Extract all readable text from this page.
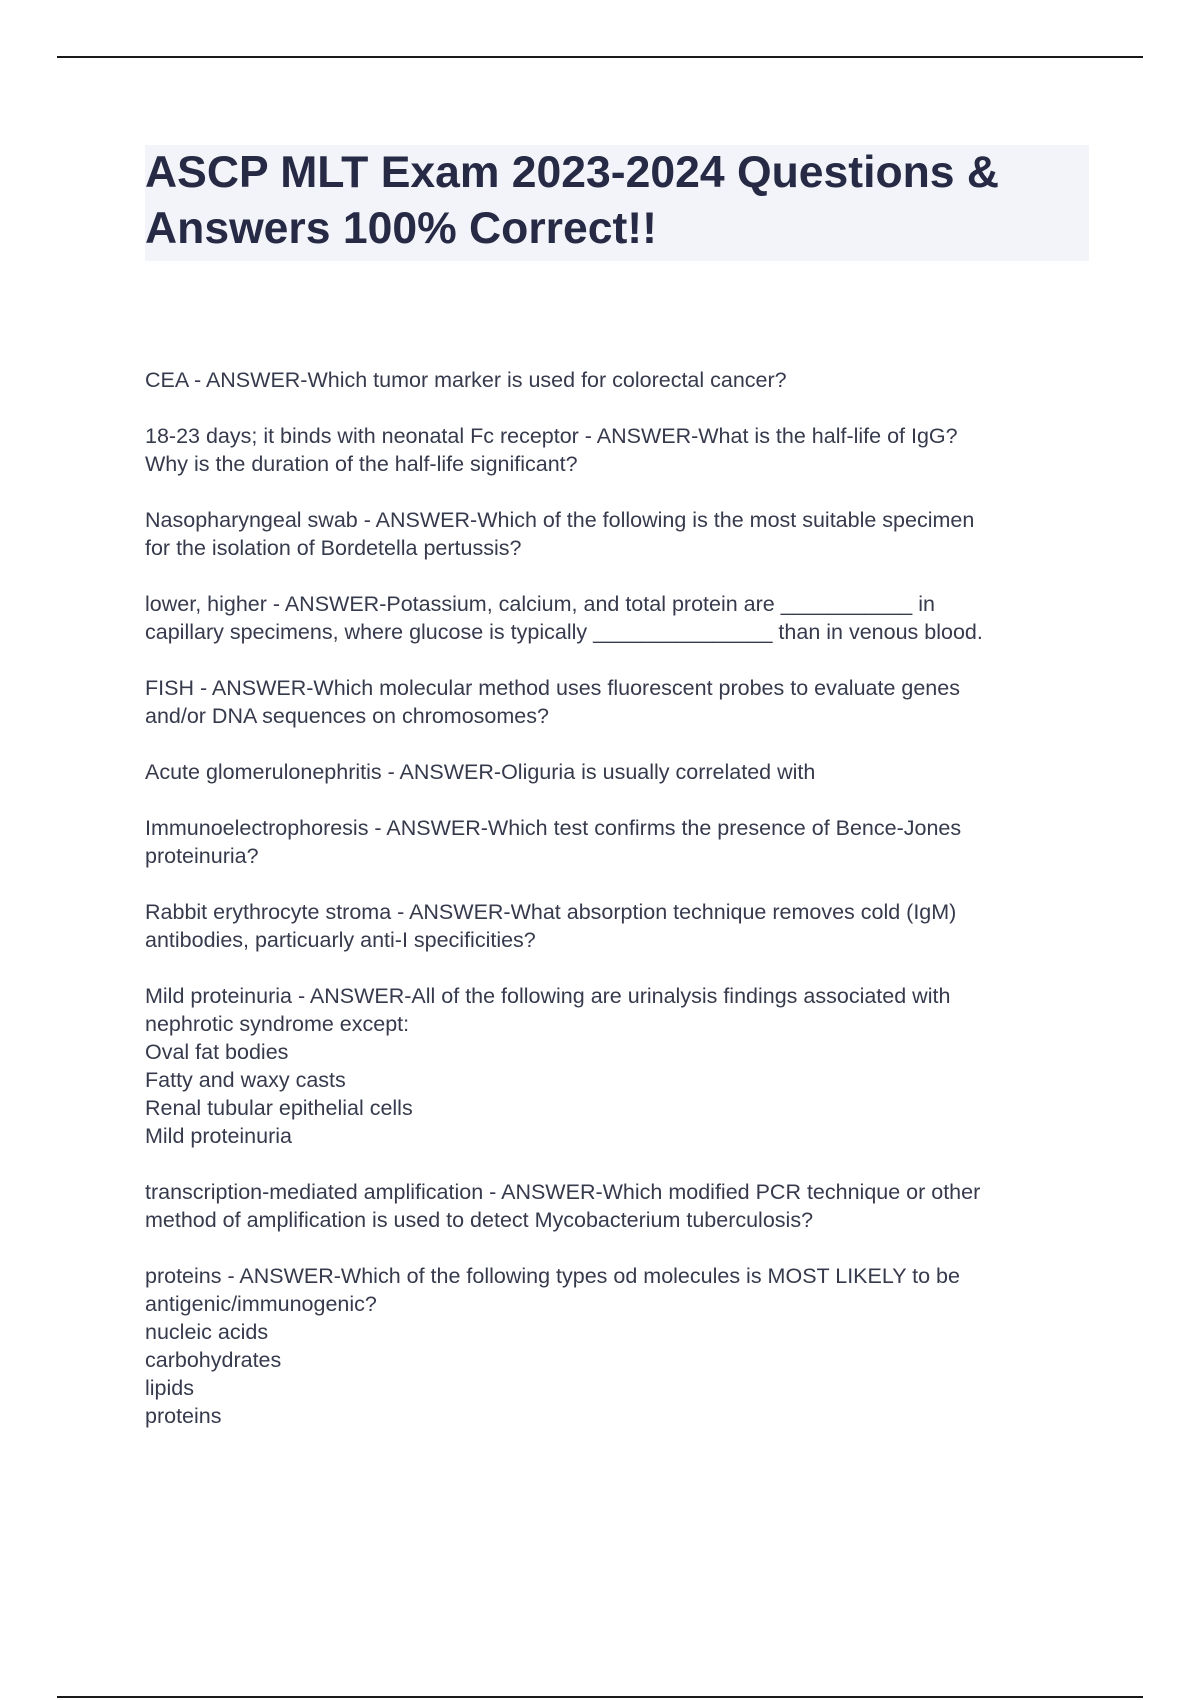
ASCP MLT Exam 2023-2024 Questions &
Answers 100% Correct!!

CEA - ANSWER-Which tumor marker is used for colorectal cancer?

18-23 days; it binds with neonatal Fc receptor - ANSWER-What is the half-life of IgG?
Why is the duration of the half-life significant?

Nasopharyngeal swab - ANSWER-Which of the following is the most suitable specimen
for the isolation of Bordetella pertussis?

lower, higher - ANSWER-Potassium, calcium, and total protein are ___________ in
capillary specimens, where glucose is typically _______________ than in venous blood.

FISH - ANSWER-Which molecular method uses fluorescent probes to evaluate genes
and/or DNA sequences on chromosomes?

Acute glomerulonephritis - ANSWER-Oliguria is usually correlated with

Immunoelectrophoresis - ANSWER-Which test confirms the presence of Bence-Jones
proteinuria?

Rabbit erythrocyte stroma - ANSWER-What absorption technique removes cold (IgM)
antibodies, particuarly anti-I specificities?

Mild proteinuria - ANSWER-All of the following are urinalysis findings associated with
nephrotic syndrome except:
Oval fat bodies
Fatty and waxy casts
Renal tubular epithelial cells
Mild proteinuria

transcription-mediated amplification - ANSWER-Which modified PCR technique or other
method of amplification is used to detect Mycobacterium tuberculosis?

proteins - ANSWER-Which of the following types od molecules is MOST LIKELY to be
antigenic/immunogenic?
nucleic acids
carbohydrates
lipids
proteins
